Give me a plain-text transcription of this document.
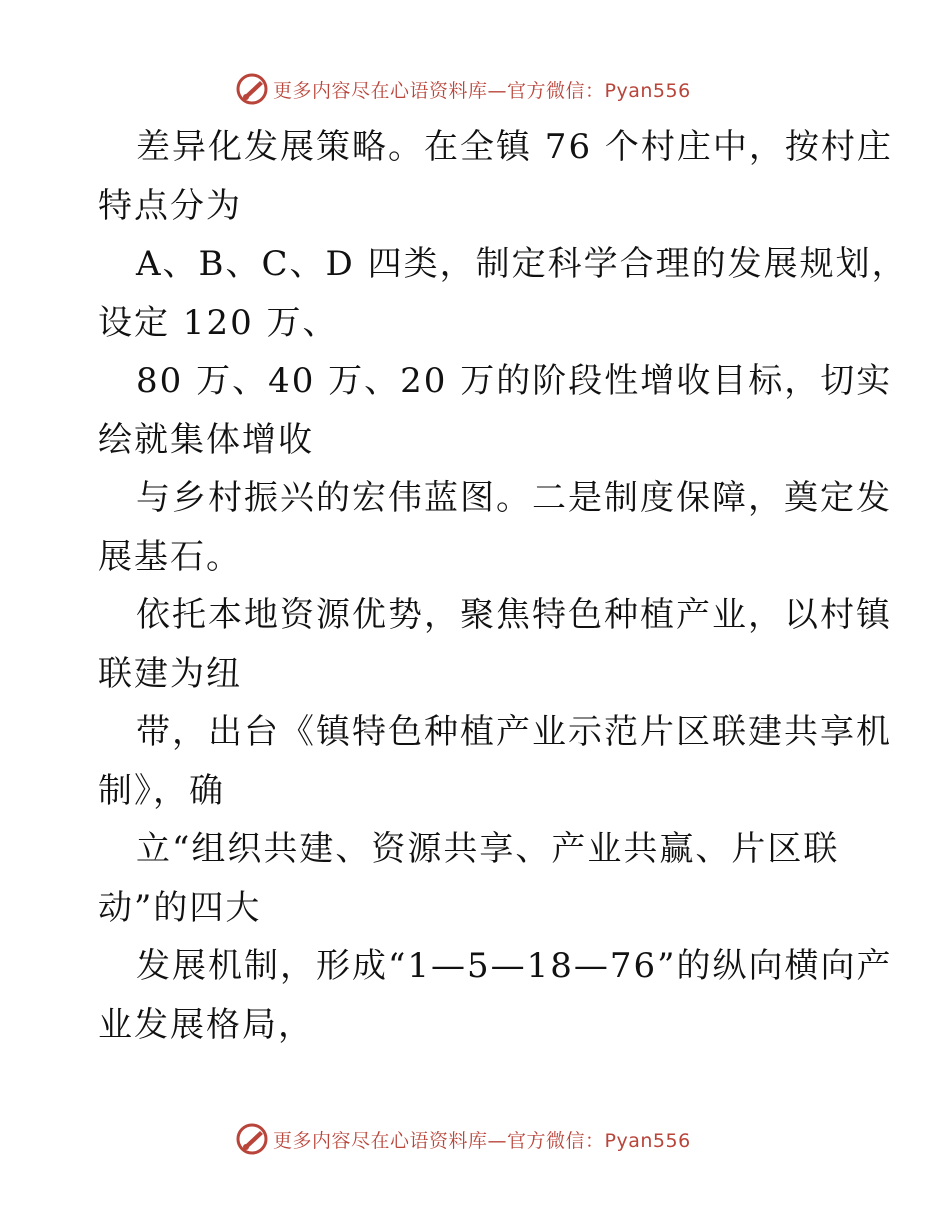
更多内容尽在心语资料库—官方微信：Pyan556
差异化发展策略。在全镇 76 个村庄中，按村庄
特点分为
A、B、C、D 四类，制定科学合理的发展规划，
设定 120 万、
80 万、40 万、20 万的阶段性增收目标，切实
绘就集体增收
与乡村振兴的宏伟蓝图。二是制度保障，奠定发
展基石。
依托本地资源优势，聚焦特色种植产业，以村镇
联建为纽
带，出台《镇特色种植产业示范片区联建共享机
制》，确
立“组织共建、资源共享、产业共赢、片区联
动”的四大
发展机制，形成“1—5—18—76”的纵向横向产
业发展格局，
更多内容尽在心语资料库—官方微信：Pyan556
